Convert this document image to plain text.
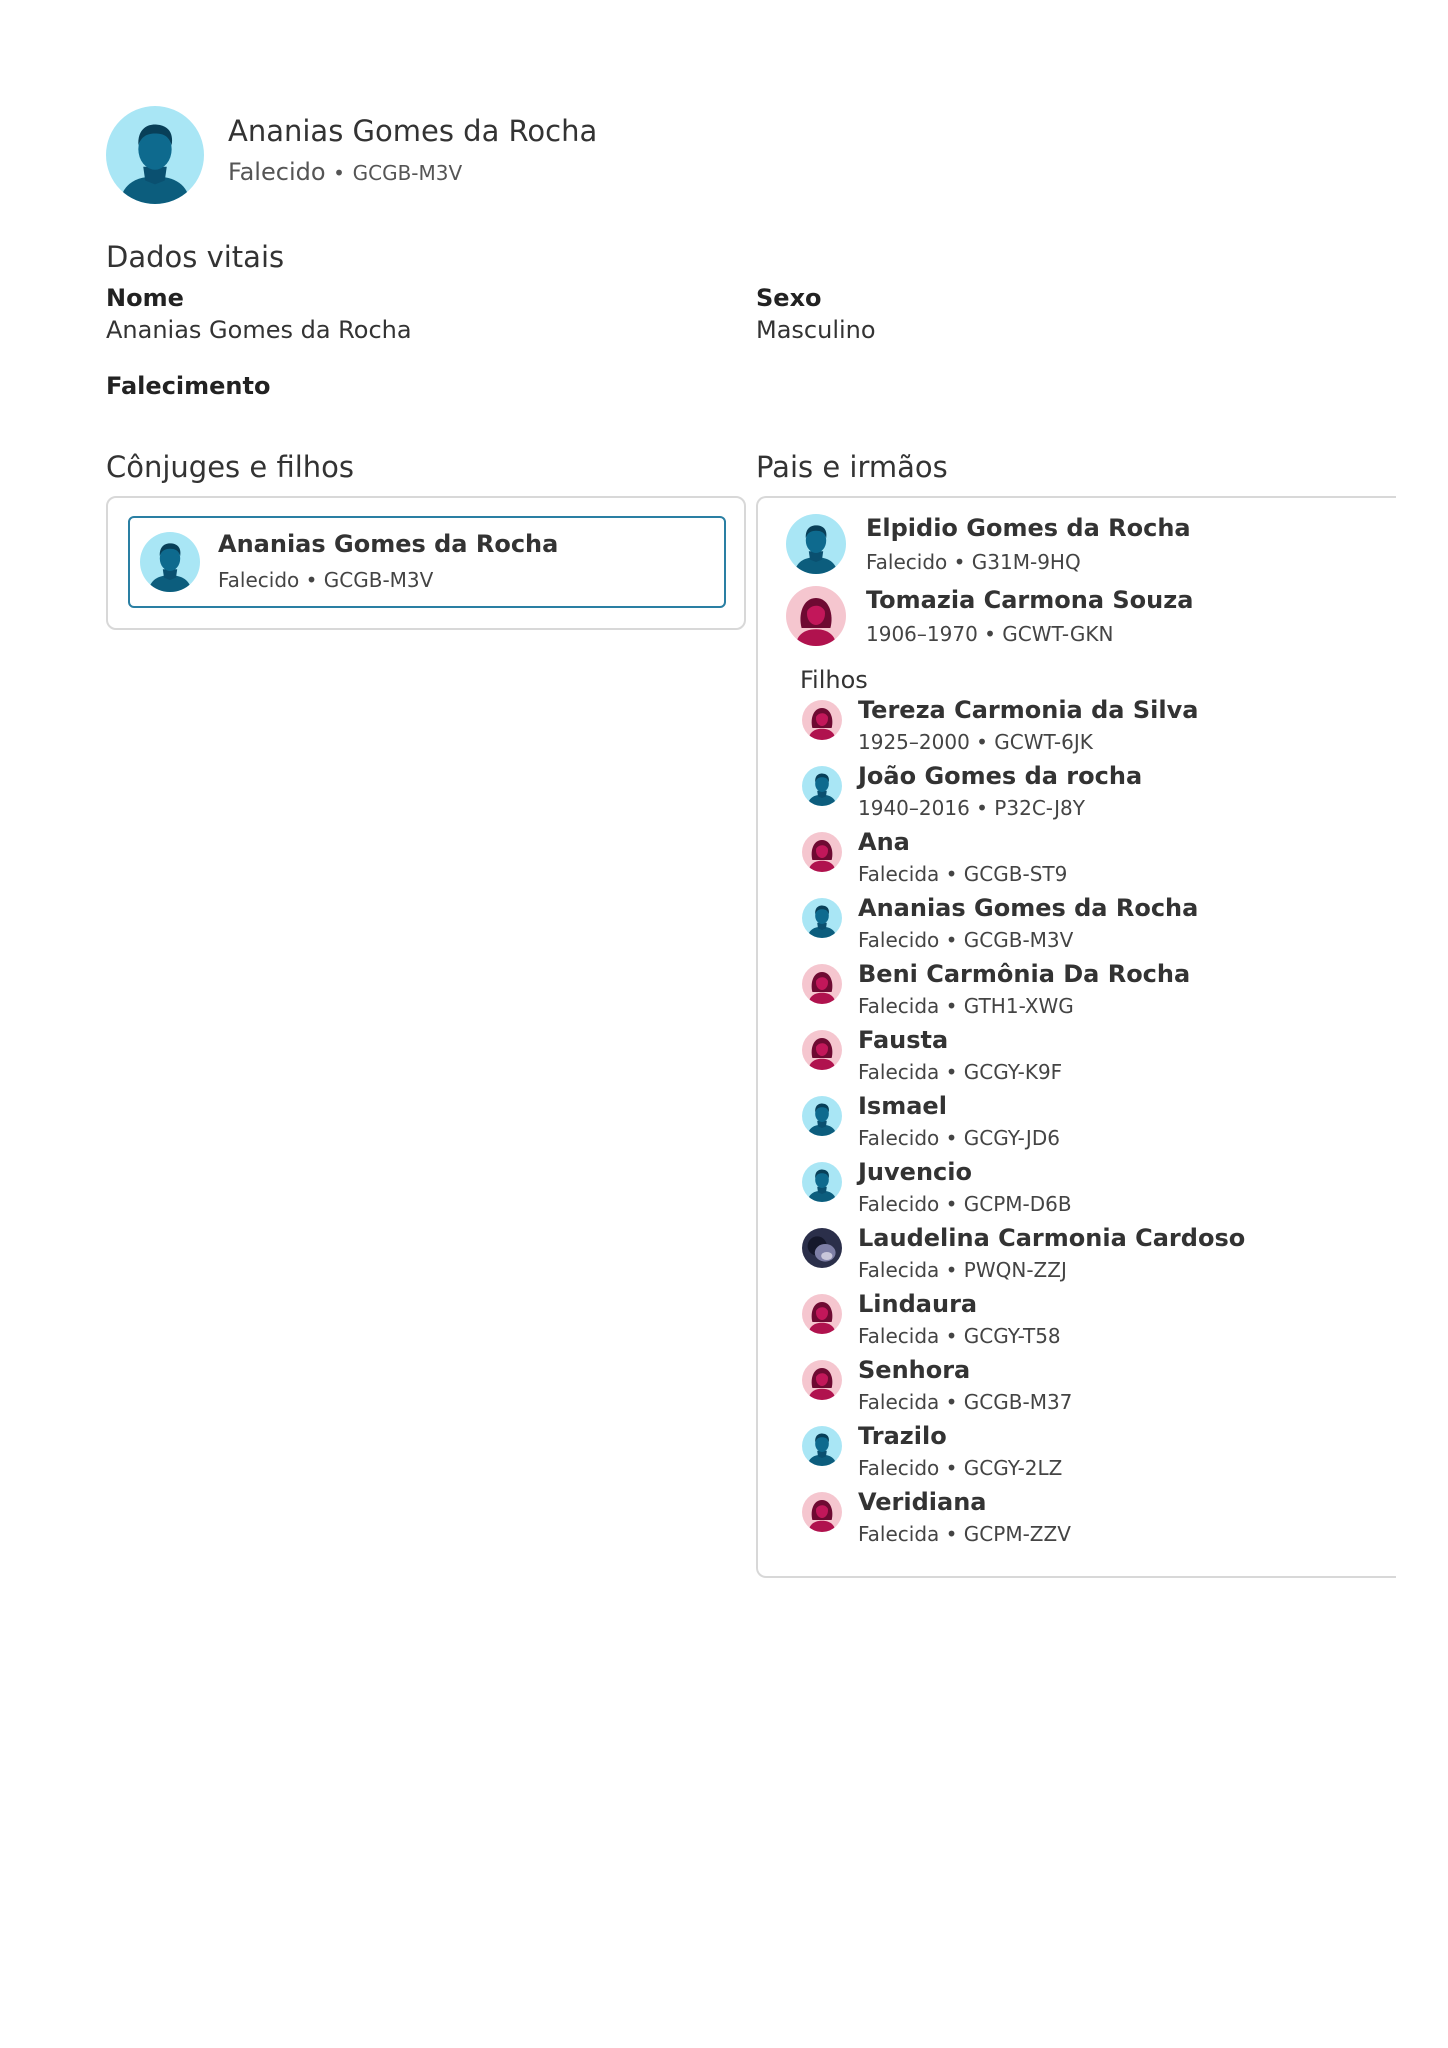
Ananias Gomes da Rocha
Falecido • GCGB-M3V
Dados vitais
Nome
Ananias Gomes da Rocha
Sexo
Masculino
Falecimento
Cônjuges e filhos
Ananias Gomes da Rocha
Falecido • GCGB-M3V
Pais e irmãos
Elpidio Gomes da Rocha
Falecido • G31M-9HQ
Tomazia Carmona Souza
1906–1970 • GCWT-GKN
Filhos
Tereza Carmonia da Silva
1925–2000 • GCWT-6JK
João Gomes da rocha
1940–2016 • P32C-J8Y
Ana
Falecida • GCGB-ST9
Ananias Gomes da Rocha
Falecido • GCGB-M3V
Beni Carmônia Da Rocha
Falecida • GTH1-XWG
Fausta
Falecida • GCGY-K9F
Ismael
Falecido • GCGY-JD6
Juvencio
Falecido • GCPM-D6B
Laudelina Carmonia Cardoso
Falecida • PWQN-ZZJ
Lindaura
Falecida • GCGY-T58
Senhora
Falecida • GCGB-M37
Trazilo
Falecido • GCGY-2LZ
Veridiana
Falecida • GCPM-ZZV
